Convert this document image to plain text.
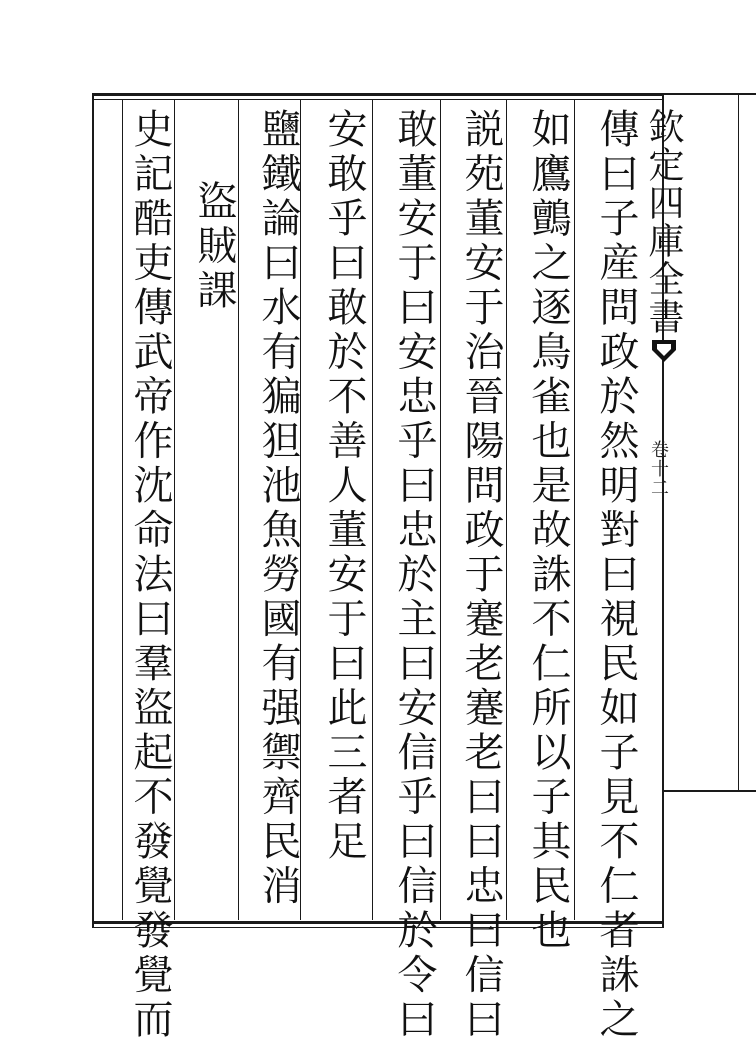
欽定四庫全書
卷十二
傳曰子産問政於然明對曰視民如子見不仁者誅之
如鷹鸇之逐鳥雀也是故誅不仁所以子其民也
説苑董安于治晉陽問政于蹇老蹇老曰曰忠曰信曰
敢董安于曰安忠乎曰忠於主曰安信乎曰信於令曰
安敢乎曰敢於不善人董安于曰此三者足
鹽鐵論曰水有猵狚池魚勞國有强禦齊民消
盜賊課
史記酷吏傳武帝作沈命法曰羣盜起不發覺發覺而
